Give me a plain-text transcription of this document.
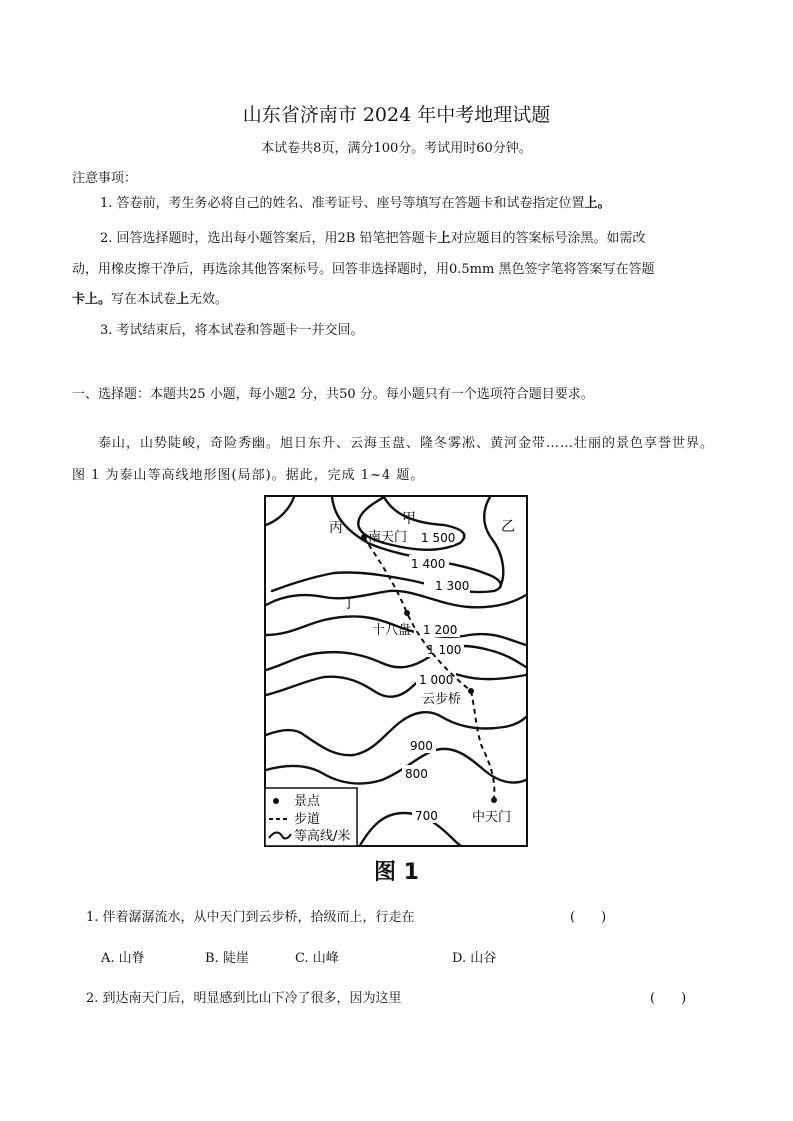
山东省济南市 2024 年中考地理试题
本试卷共8页，满分100分。考试用时60分钟。
注意事项：
1. 答卷前，考生务必将自己的姓名、准考证号、座号等填写在答题卡和试卷指定位置上。
2. 回答选择题时，选出每小题答案后，用2B 铅笔把答题卡上对应题目的答案标号涂黑。如需改
动，用橡皮擦干净后，再选涂其他答案标号。回答非选择题时，用0.5mm 黑色签字笔将答案写在答题
卡上。写在本试卷上无效。
3. 考试结束后，将本试卷和答题卡一并交回。
一、选择题：本题共25 小题，每小题2 分，共50 分。每小题只有一个选项符合题目要求。
泰山，山势陡峻，奇险秀幽。旭日东升、云海玉盘、隆冬雾凇、黄河金带……壮丽的景色享誉世界。图 1 为泰山等高线地形图(局部)。据此，完成 1~4 题。
1 500
1 400
1 300
1 200
1 100
1 000
900
800
700
南天门
十八盘
云步桥
中天门
丙
甲	乙
丁
景点
步道
等高线/米
图 1
1. 伴着潺潺流水，从中天门到云步桥，拾级而上，行走在	(　　)
A. 山脊	B. 陡崖	C. 山峰	D. 山谷
2. 到达南天门后，明显感到比山下冷了很多，因为这里	(　　)
